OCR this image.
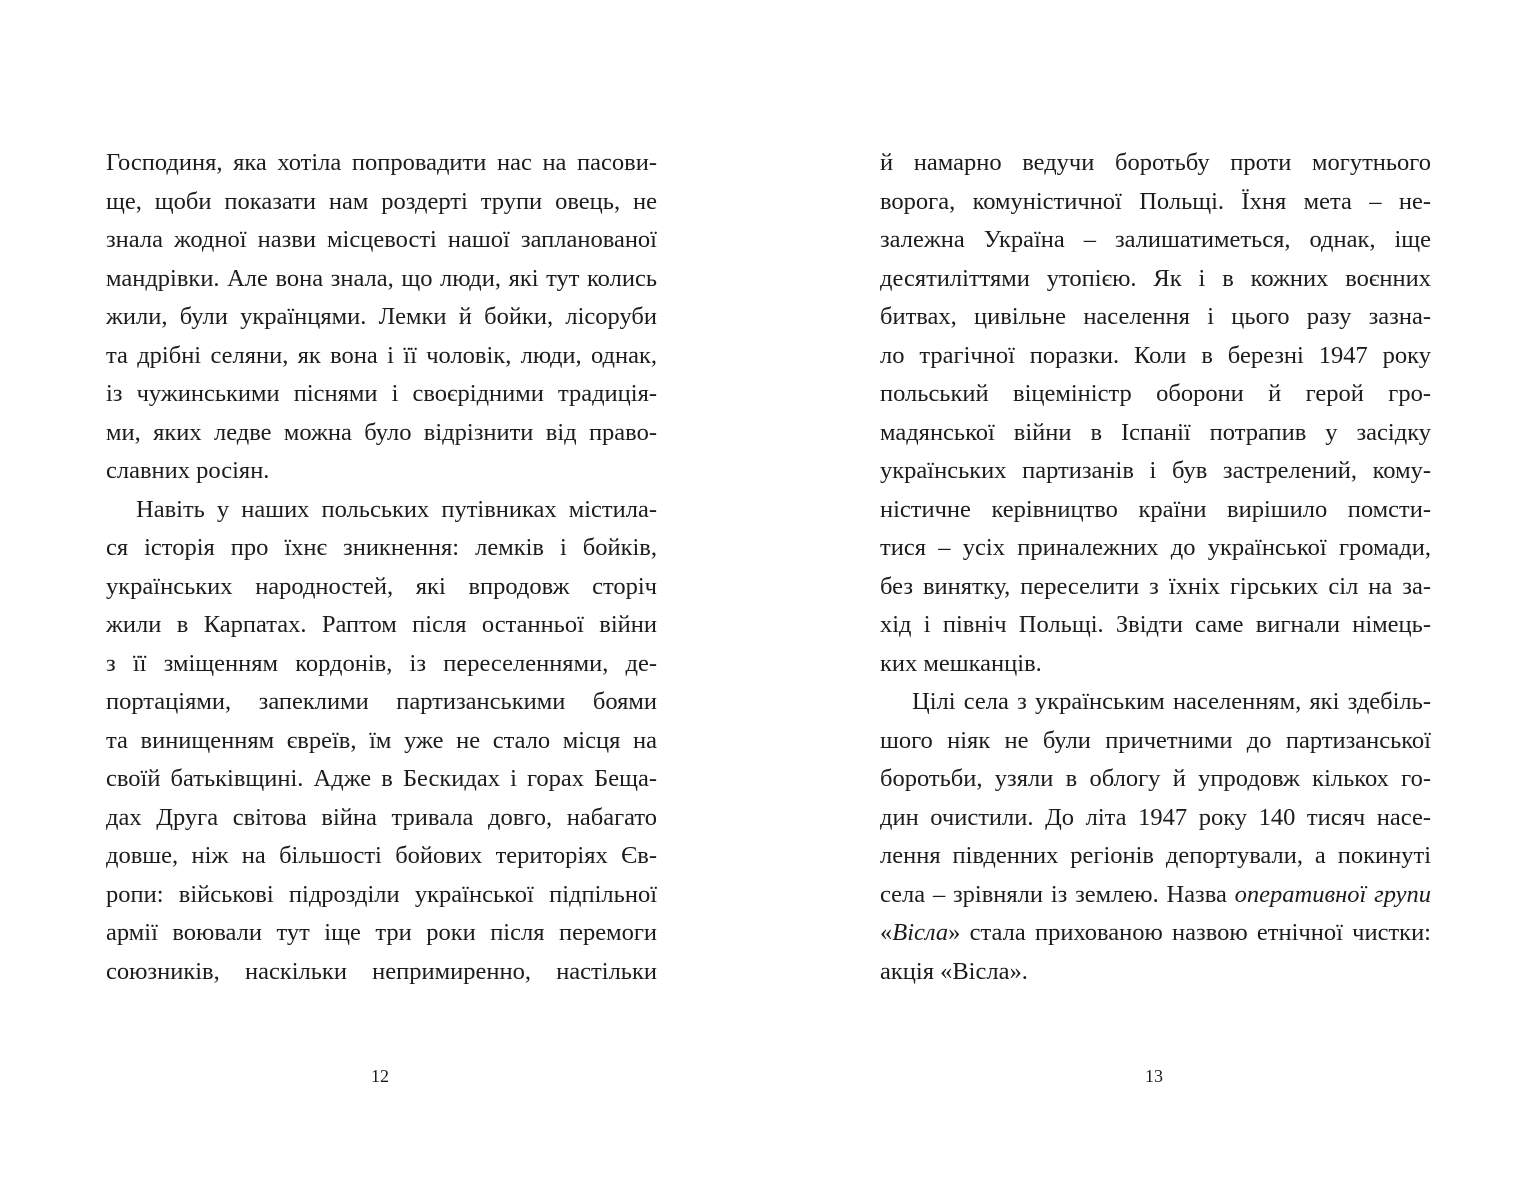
Господиня, яка хотіла попровадити нас на пасови-
ще, щоби показати нам роздерті трупи овець, не
знала жодної назви місцевості нашої запланованої
мандрівки. Але вона знала, що люди, які тут колись
жили, були українцями. Лемки й бойки, лісоруби
та дрібні селяни, як вона і її чоловік, люди, однак,
із чужинськими піснями і своєрідними традиція-
ми, яких ледве можна було відрізнити від право-
славних росіян.
Навіть у наших польських путівниках містила-
ся історія про їхнє зникнення: лемків і бойків,
українських народностей, які впродовж сторіч
жили в Карпатах. Раптом після останньої війни
з її зміщенням кордонів, із переселеннями, де-
портаціями, запеклими партизанськими боями
та винищенням євреїв, їм уже не стало місця на
своїй батьківщині. Адже в Бескидах і горах Беща-
дах Друга світова війна тривала довго, набагато
довше, ніж на більшості бойових територіях Єв-
ропи: військові підрозділи української підпільної
армії воювали тут іще три роки після перемоги
союзників, наскільки непримиренно, настільки
12
й намарно ведучи боротьбу проти могутнього
ворога, комуністичної Польщі. Їхня мета – не-
залежна Україна – залишатиметься, однак, іще
десятиліттями утопією. Як і в кожних воєнних
битвах, цивільне населення і цього разу зазна-
ло трагічної поразки. Коли в березні 1947 року
польський віцеміністр оборони й герой гро-
мадянської війни в Іспанії потрапив у засідку
українських партизанів і був застрелений, кому-
ністичне керівництво країни вирішило помсти-
тися – усіх приналежних до української громади,
без винятку, переселити з їхніх гірських сіл на за-
хід і північ Польщі. Звідти саме вигнали німець-
ких мешканців.
Цілі села з українським населенням, які здебіль-
шого ніяк не були причетними до партизанської
боротьби, узяли в облогу й упродовж кількох го-
дин очистили. До літа 1947 року 140 тисяч насе-
лення південних регіонів депортували, а покинуті
села – зрівняли із землею. Назва оперативної групи
«Вісла» стала прихованою назвою етнічної чистки:
акція «Вісла».
13
